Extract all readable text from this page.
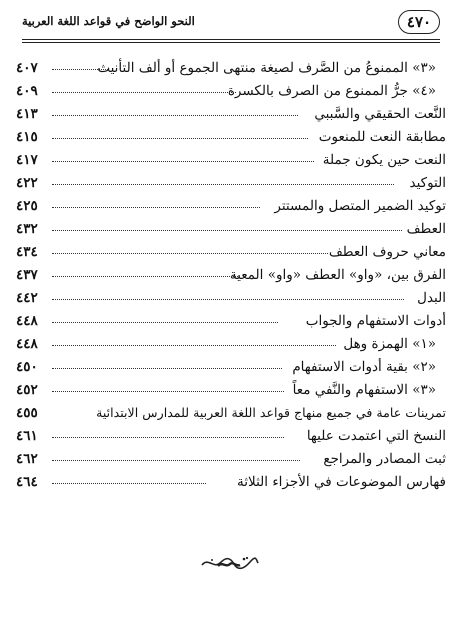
٤٧٠
النحو الواضح في قواعد اللغة العربية
«٣» الممنوعُ من الصَّرف لصيغة منتهى الجموع أو ألف التأنيث
٤٠٧
«٤» جرُّ الممنوع من الصرف بالكسرة
٤٠٩
النَّعت الحقيقي والسَّببي
٤١٣
مطابقة النعت للمنعوت
٤١٥
النعت حين يكون جملة
٤١٧
التوكيد
٤٢٢
توكيد الضمير المتصل والمستتر
٤٢٥
العطف
٤٣٢
معاني حروف العطف
٤٣٤
الفرق بين، «واو» العطف «واو» المعية
٤٣٧
البدل
٤٤٢
أدوات الاستفهام والجواب
٤٤٨
«١» الهمزة وهل
٤٤٨
«٢» بقية أدوات الاستفهام
٤٥٠
«٣» الاستفهام والنَّفي معاً
٤٥٢
تمرينات عامة في جميع منهاج قواعد اللغة العربية للمدارس الابتدائية
٤٥٥
النسخ التي اعتمدت عليها
٤٦١
ثبت المصادر والمراجع
٤٦٢
فهارس الموضوعات في الأجزاء الثلاثة
٤٦٤
